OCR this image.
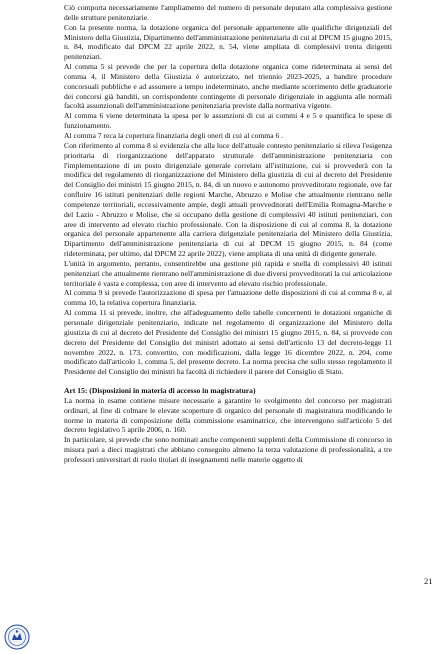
Ciò comporta necessariamente l'ampliamento del numero di personale deputato alla complessiva gestione delle strutture penitenziarie.

Con la presente norma, la dotazione organica del personale appartenente alle qualifiche dirigenziali del Ministero della Giustizia, Dipartimento dell'amministrazione penitenziaria di cui al DPCM 15 giugno 2015, n. 84, modificato dal DPCM 22 aprile 2022, n. 54, viene ampliata di complessivi trenta dirigenti penitenziari.

Al comma 5 si prevede che per la copertura della dotazione organica come rideterminata ai sensi del comma 4, il Ministero della Giustizia è autorizzato, nel triennio 2023-2025, a bandire procedure concorsuali pubbliche e ad assumere a tempo indeterminato, anche mediante scorrimento delle graduatorie dei concorsi già banditi, un corrispondente contingente di personale dirigenziale in aggiunta alle normali facoltà assunzionali dell'amministrazione penitenziaria previste dalla normativa vigente.

Al comma 6 viene determinata la spesa per le assunzioni di cui ai commi 4 e 5 e quantifica le spese di funzionamento.

Al comma 7 reca la copertura finanziaria degli oneri di cui al comma 6 .

Con riferimento al comma 8 si evidenzia che alla luce dell'attuale contesto penitenziario si rileva l'esigenza prioritaria di riorganizzazione dell'apparato strutturale dell'amministrazione penitenziaria con l'implementazione di un posto dirigenziale generale correlato all'istituzione, cui si provvederà con la modifica del regolamento di riorganizzazione del Ministero della giustizia di cui al decreto del Presidente del Consiglio dei ministri 15 giugno 2015, n. 84, di un nuovo e autonomo provveditorato regionale, ove far confluire 16 istituti penitenziari delle regioni Marche, Abruzzo e Molise che attualmente rientrano nelle competenze territoriali, eccessivamente ampie, degli attuali provveditorati dell'Emilia Romagna-Marche e del Lazio - Abruzzo e Molise, che si occupano della gestione di complessivi 40 istituti penitenziari, con aree di intervento ad elevato rischio professionale. Con la disposizione di cui al comma 8, la dotazione organica del personale appartenente alla carriera dirigenziale penitenziaria del Ministero della Giustizia, Dipartimento dell'amministrazione penitenziaria di cui al DPCM 15 giugno 2015, n. 84 (come rideterminata, per ultimo, dal DPCM 22 aprile 2022), viene ampliata di una unità di dirigente generale.

L'unità in argomento, pertanto, consentirebbe una gestione più rapida e snella di complessivi 40 istituti penitenziari che attualmente rientrano nell'amministrazione di due diversi provveditorati la cui articolazione territoriale è vasta e complessa, con aree di intervento ad elevato rischio professionale.

Al comma 9 si prevede l'autorizzazione di spesa per l'attuazione delle disposizioni di cui al comma 8 e, al comma 10, la relativa copertura finanziaria.

Al comma 11 si prevede, inoltre, che all'adeguamento delle tabelle concernenti le dotazioni organiche di personale dirigenziale penitenziario, indicate nel regolamento di organizzazione del Ministero della giustizia di cui al decreto del Presidente del Consiglio dei ministri 15 giugno 2015, n. 84, si provvede con decreto del Presidente del Consiglio dei ministri adottato ai sensi dell'articolo 13 del decreto-legge 11 novembre 2022, n. 173, convertito, con modificazioni, dalla legge 16 dicembre 2022, n. 204, come modificato dall'articolo 1, comma 5, del presente decreto. La norma precisa che sullo stesso regolamento il Presidente del Consiglio dei ministri ha facoltà di richiedere il parere del Consiglio di Stato.

Art 15: (Disposizioni in materia di accesso in magistratura)

La norma in esame contiene misure necessarie a garantire lo svolgimento del concorso per magistrati ordinari, al fine di colmare le elevate scoperture di organico del personale di magistratura modificando le norme in materia di composizione della commissione esaminatrice, che intervengono sull'articolo 5 del decreto legislativo 5 aprile 2006, n. 160.

In particolare, si prevede che sono nominati anche componenti supplenti della Commissione di concorso in misura pari a dieci magistrati che abbiano conseguito almeno la terza valutazione di professionalità, a tre professori universitari di ruolo titolari di insegnamenti nelle materie oggetto di

21
